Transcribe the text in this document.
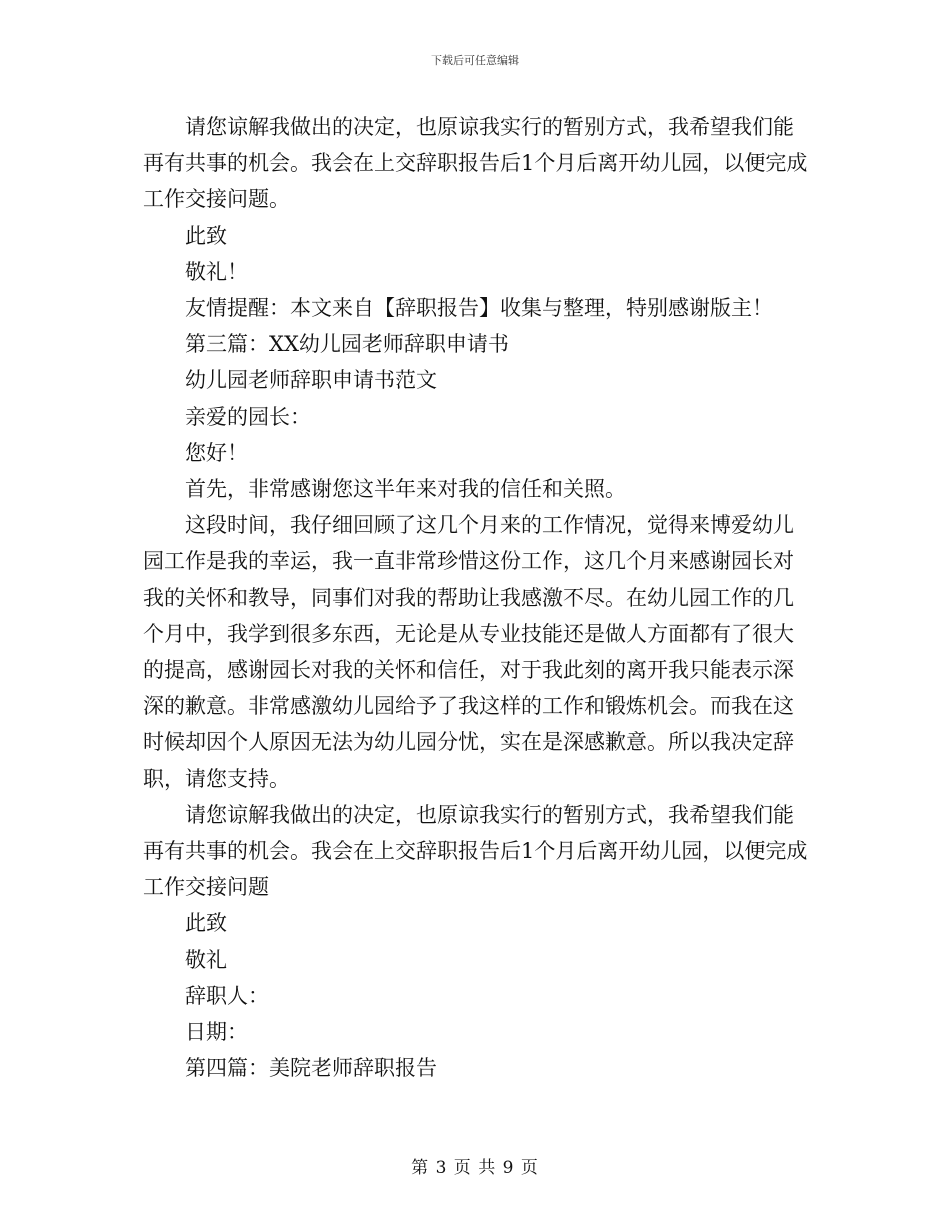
下载后可任意编辑

请您谅解我做出的决定，也原谅我实行的暂别方式，我希望我们能再有共事的机会。我会在上交辞职报告后1个月后离开幼儿园，以便完成工作交接问题。

此致

敬礼！

友情提醒：本文来自【辞职报告】收集与整理，特别感谢版主！

第三篇：XX幼儿园老师辞职申请书

幼儿园老师辞职申请书范文

亲爱的园长：

您好！

首先，非常感谢您这半年来对我的信任和关照。

这段时间，我仔细回顾了这几个月来的工作情况，觉得来博爱幼儿园工作是我的幸运，我一直非常珍惜这份工作，这几个月来感谢园长对我的关怀和教导，同事们对我的帮助让我感激不尽。在幼儿园工作的几个月中，我学到很多东西，无论是从专业技能还是做人方面都有了很大的提高，感谢园长对我的关怀和信任，对于我此刻的离开我只能表示深深的歉意。非常感激幼儿园给予了我这样的工作和锻炼机会。而我在这时候却因个人原因无法为幼儿园分忧，实在是深感歉意。所以我决定辞职，请您支持。

请您谅解我做出的决定，也原谅我实行的暂别方式，我希望我们能再有共事的机会。我会在上交辞职报告后1个月后离开幼儿园，以便完成工作交接问题

此致

敬礼

辞职人：

日期：

第四篇：美院老师辞职报告

第 3 页 共 9 页
